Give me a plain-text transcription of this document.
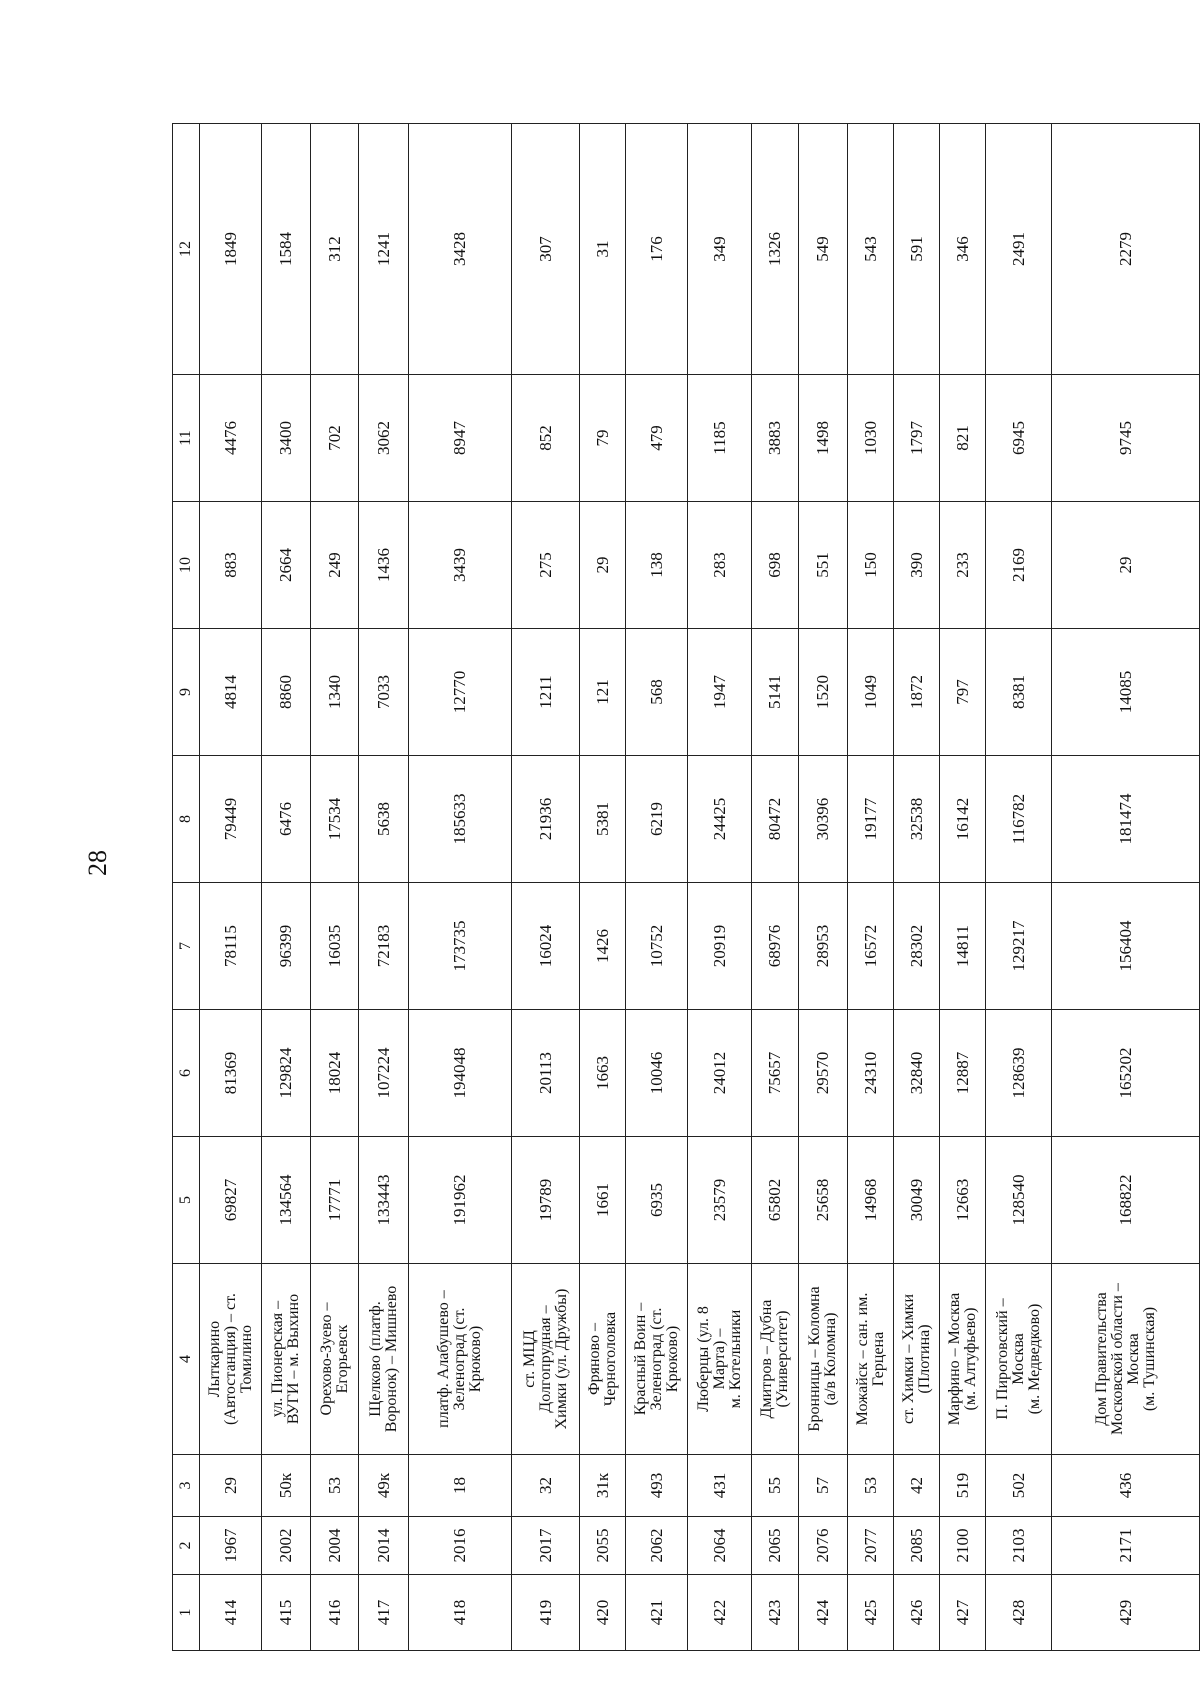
28
1	2	3	4	5	6	7	8	9	10	11	12
414	1967	29	Лыткарино
(Автостанция) – ст.
Томилино	69827	81369	78115	79449	4814	883	4476	1849
415	2002	50к	ул. Пионерская –
ВУГИ – м. Выхино	134564	129824	96399	6476	8860	2664	3400	1584
416	2004	53	Орехово-Зуево –
Егорьевск	17771	18024	16035	17534	1340	249	702	312
417	2014	49к	Щелково (платф.
Воронок) – Мишнево	133443	107224	72183	5638	7033	1436	3062	1241
418	2016	18	платф. Алабушево –
Зеленоград (ст.
Крюково)	191962	194048	173735	185633	12770	3439	8947	3428
419	2017	32	ст. МЦД
Долгопрудная –
Химки (ул. Дружбы)	19789	20113	16024	21936	1211	275	852	307
420	2055	31к	Фряново –
Черноголовка	1661	1663	1426	5381	121	29	79	31
421	2062	493	Красный Воин –
Зеленоград (ст.
Крюково)	6935	10046	10752	6219	568	138	479	176
422	2064	431	Люберцы (ул. 8
Марта) –
м. Котельники	23579	24012	20919	24425	1947	283	1185	349
423	2065	55	Дмитров – Дубна
(Университет)	65802	75657	68976	80472	5141	698	3883	1326
424	2076	57	Бронницы – Коломна
(а/в Коломна)	25658	29570	28953	30396	1520	551	1498	549
425	2077	53	Можайск – сан. им.
Герцена	14968	24310	16572	19177	1049	150	1030	543
426	2085	42	ст. Химки – Химки
(Плотина)	30049	32840	28302	32538	1872	390	1797	591
427	2100	519	Марфино – Москва
(м. Алтуфьево)	12663	12887	14811	16142	797	233	821	346
428	2103	502	П. Пироговский –
Москва
(м. Медведково)	128540	128639	129217	116782	8381	2169	6945	2491
429	2171	436	Дом Правительства
Московской области –
Москва
(м. Тушинская)	168822	165202	156404	181474	14085	29	9745	2279
